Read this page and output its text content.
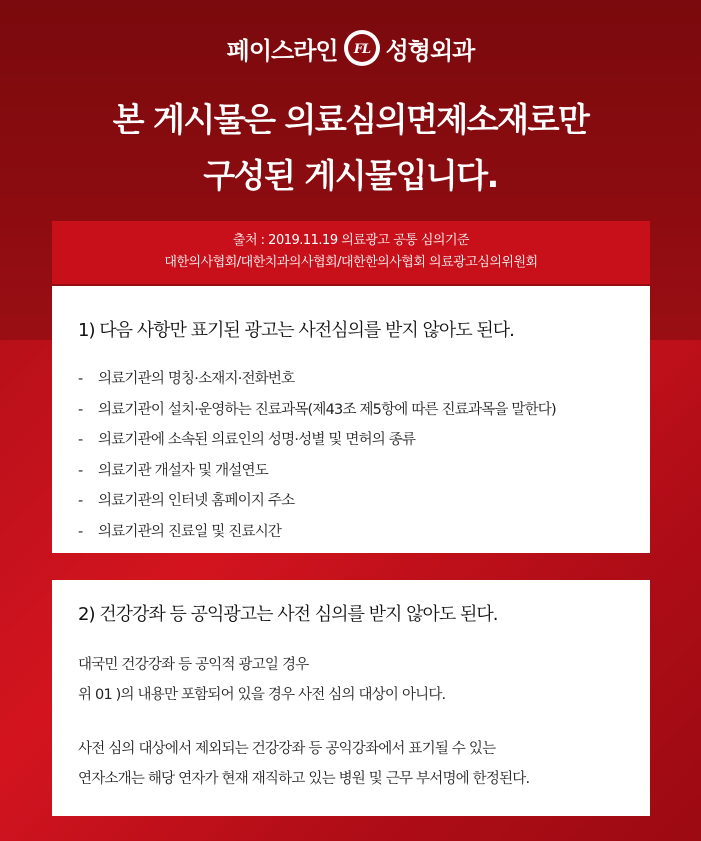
페이스라인 FL 성형외과
본 게시물은 의료심의면제소재로만
구성된 게시물입니다.
출처 : 2019.11.19 의료광고 공통 심의기준
대한의사협회/대한치과의사협회/대한한의사협회 의료광고심의위원회
1) 다음 사항만 표기된 광고는 사전심의를 받지 않아도 된다.
- 의료기관의 명칭·소재지·전화번호
- 의료기관이 설치·운영하는 진료과목(제43조 제5항에 따른 진료과목을 말한다)
- 의료기관에 소속된 의료인의 성명·성별 및 면허의 종류
- 의료기관 개설자 및 개설연도
- 의료기관의 인터넷 홈페이지 주소
- 의료기관의 진료일 및 진료시간
2) 건강강좌 등 공익광고는 사전 심의를 받지 않아도 된다.
대국민 건강강좌 등 공익적 광고일 경우
위 01 )의 내용만 포함되어 있을 경우 사전 심의 대상이 아니다.
사전 심의 대상에서 제외되는 건강강좌 등 공익강좌에서 표기될 수 있는
연자소개는 해당 연자가 현재 재직하고 있는 병원 및 근무 부서명에 한정된다.
